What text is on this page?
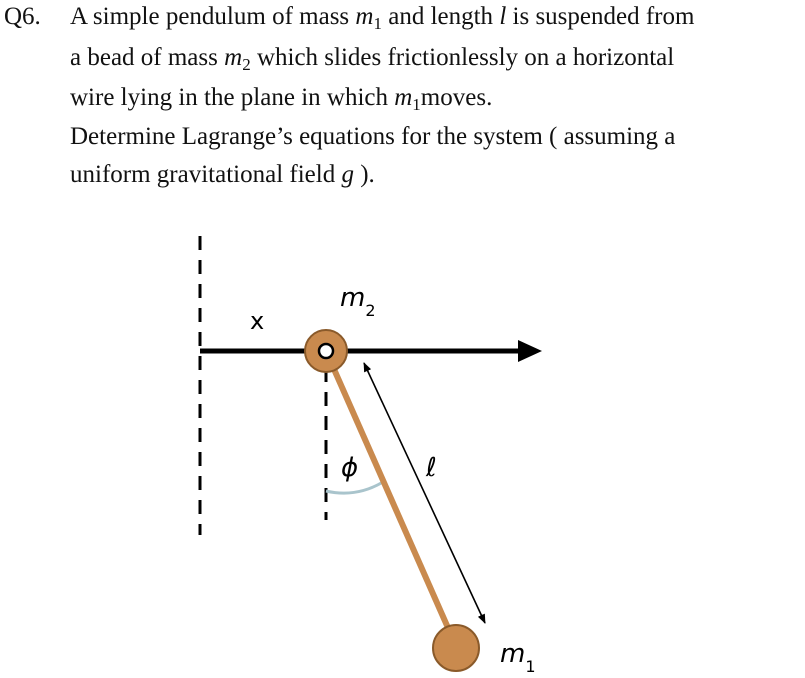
Q6. A simple pendulum of mass $m_1$ and length l is suspended from
a bead of mass $m_2$ which slides frictionlessly on a horizontal
wire lying in the plane in which $m_1moves$.
Determine Lagrange’s equations for the system ( assuming a
uniform gravitational field g ).
x
$m_2$
ϕ	ℓ
$m_1$
